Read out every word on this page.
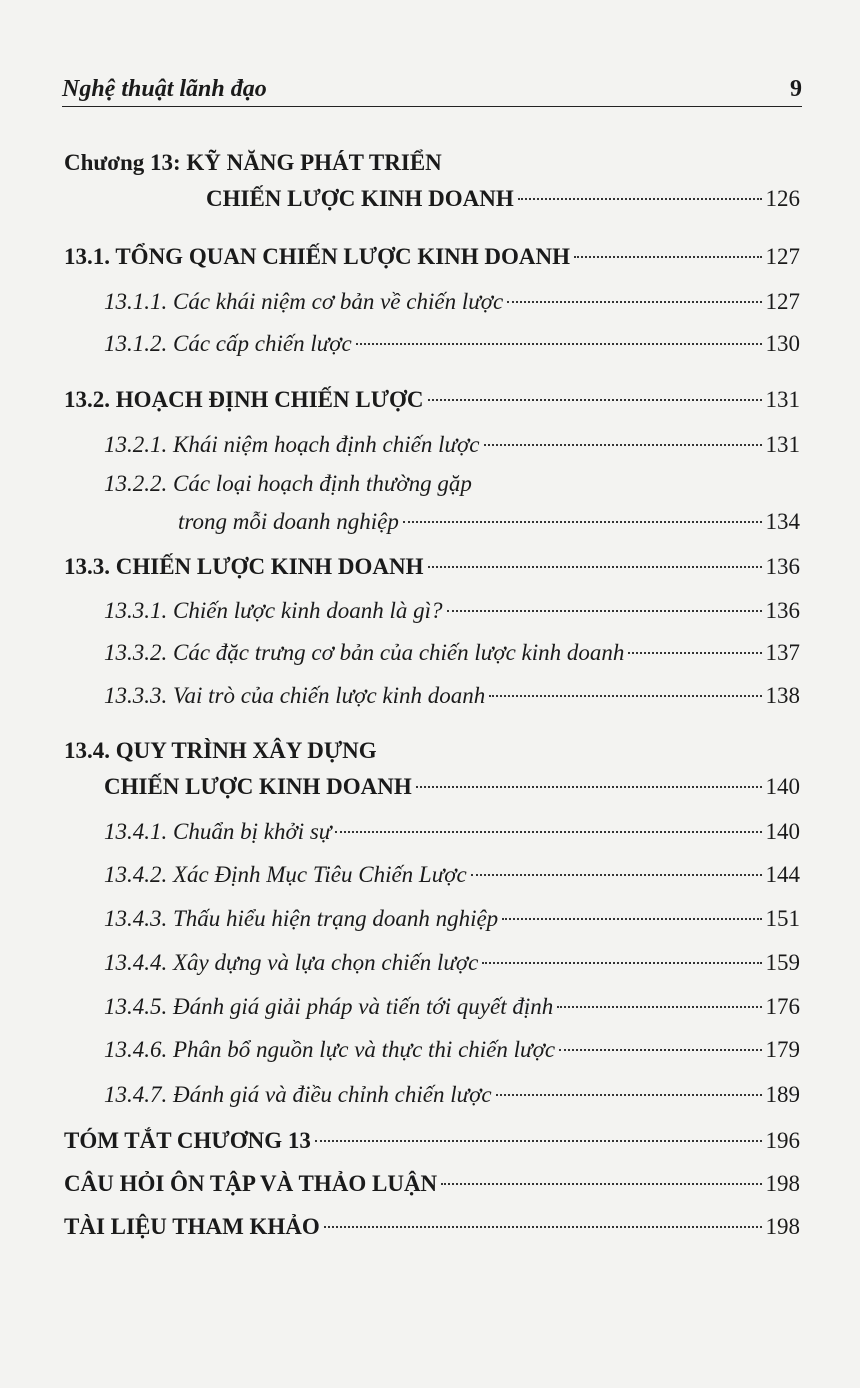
Nghệ thuật lãnh đạo	9
Chương 13: KỸ NĂNG PHÁT TRIỂN
CHIẾN LƯỢC KINH DOANH	126
13.1. TỔNG QUAN CHIẾN LƯỢC KINH DOANH	127
13.1.1. Các khái niệm cơ bản về chiến lược	127
13.1.2. Các cấp chiến lược	130
13.2. HOẠCH ĐỊNH CHIẾN LƯỢC	131
13.2.1. Khái niệm hoạch định chiến lược	131
13.2.2. Các loại hoạch định thường gặp
trong mỗi doanh nghiệp	134
13.3. CHIẾN LƯỢC KINH DOANH	136
13.3.1. Chiến lược kinh doanh là gì?	136
13.3.2. Các đặc trưng cơ bản của chiến lược kinh doanh	137
13.3.3. Vai trò của chiến lược kinh doanh	138
13.4. QUY TRÌNH XÂY DỰNG
CHIẾN LƯỢC KINH DOANH	140
13.4.1. Chuẩn bị khởi sự	140
13.4.2. Xác Định Mục Tiêu Chiến Lược	144
13.4.3. Thấu hiểu hiện trạng doanh nghiệp	151
13.4.4. Xây dựng và lựa chọn chiến lược	159
13.4.5. Đánh giá giải pháp và tiến tới quyết định	176
13.4.6. Phân bổ nguồn lực và thực thi chiến lược	179
13.4.7. Đánh giá và điều chỉnh chiến lược	189
TÓM TẮT CHƯƠNG 13	196
CÂU HỎI ÔN TẬP VÀ THẢO LUẬN	198
TÀI LIỆU THAM KHẢO	198
